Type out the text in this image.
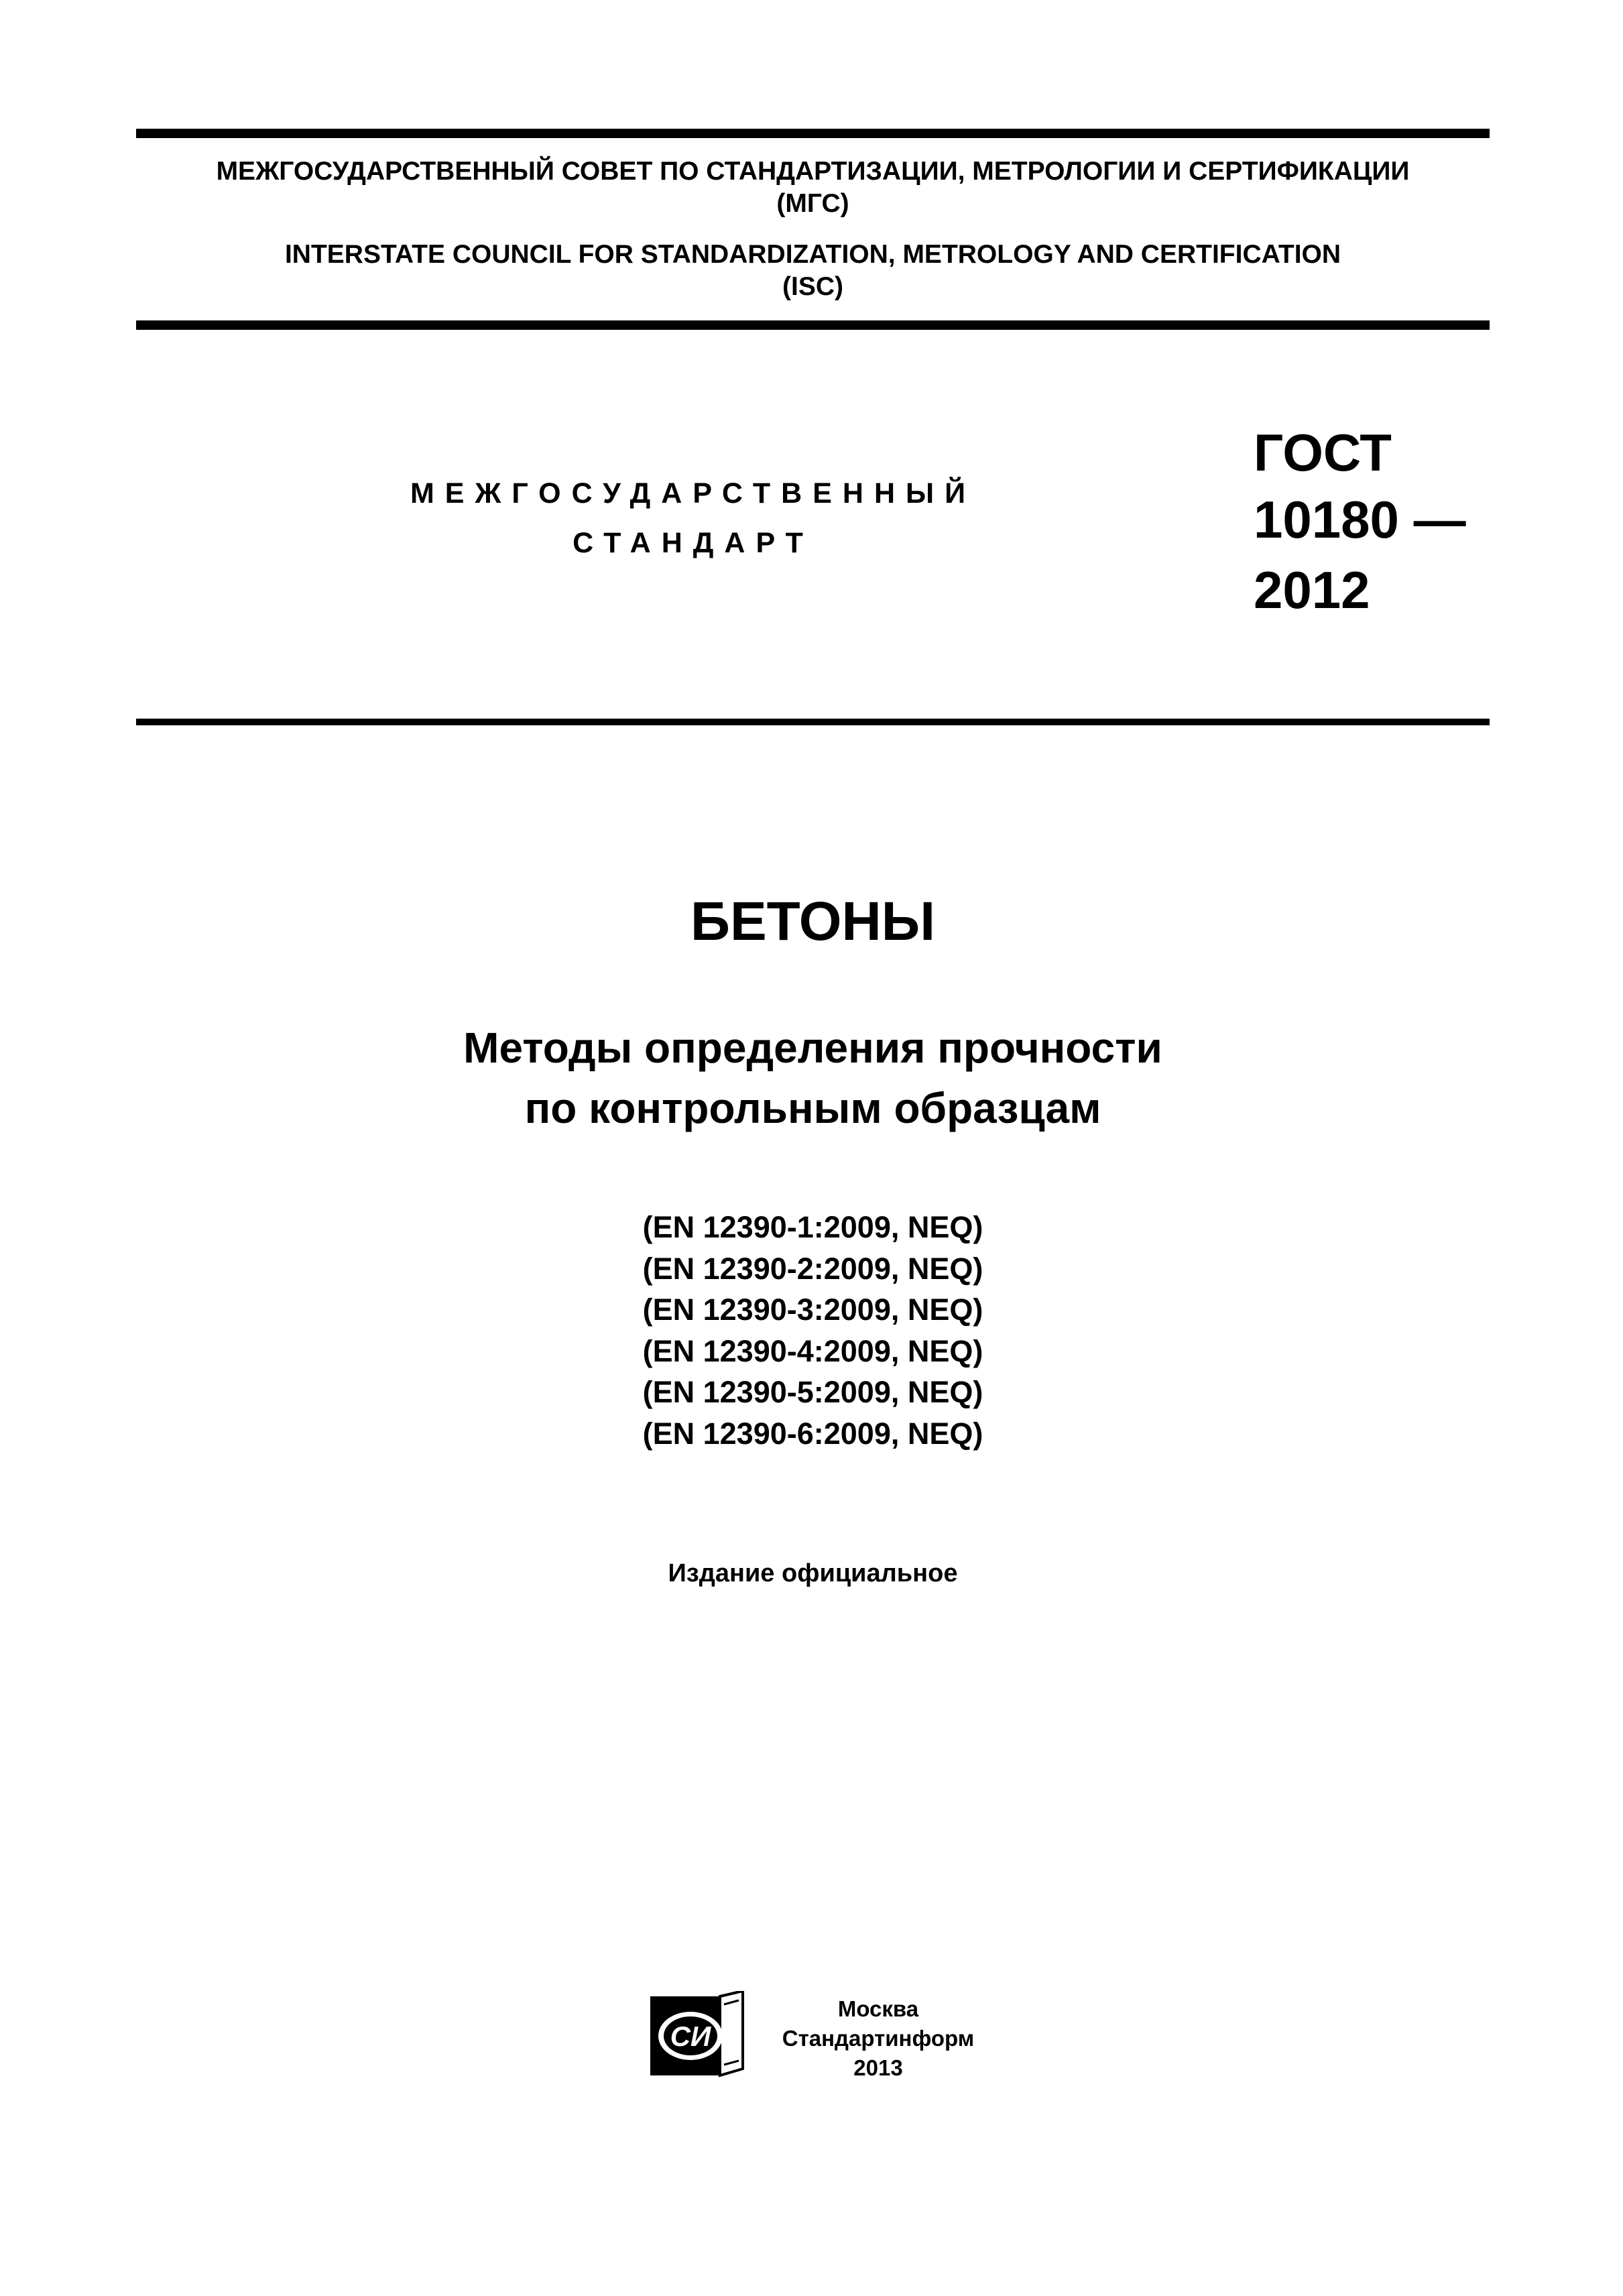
МЕЖГОСУДАРСТВЕННЫЙ СОВЕТ ПО СТАНДАРТИЗАЦИИ, МЕТРОЛОГИИ И СЕРТИФИКАЦИИ
(МГС)
INTERSTATE COUNCIL FOR STANDARDIZATION, METROLOGY AND CERTIFICATION
(ISC)
МЕЖГОСУДАРСТВЕННЫЙ
СТАНДАРТ
ГОСТ
10180 —
2012
БЕТОНЫ
Методы определения прочности
по контрольным образцам
(EN 12390-1:2009, NEQ)
(EN 12390-2:2009, NEQ)
(EN 12390-3:2009, NEQ)
(EN 12390-4:2009, NEQ)
(EN 12390-5:2009, NEQ)
(EN 12390-6:2009, NEQ)
Издание официальное
СИ
Москва
Стандартинформ
2013
